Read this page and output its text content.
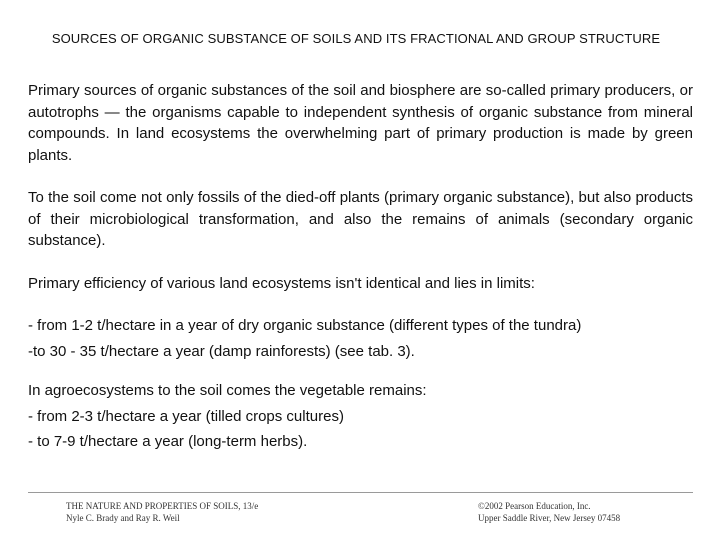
SOURCES OF ORGANIC SUBSTANCE OF SOILS AND ITS FRACTIONAL AND GROUP STRUCTURE

Primary sources of organic substances of the soil and biosphere are so-called primary producers, or autotrophs — the organisms capable to independent synthesis of organic substance from mineral compounds. In land ecosystems the overwhelming part of primary production is made by green plants.

To the soil come not only fossils of the died-off plants (primary organic substance), but also products of their microbiological transformation, and also the remains of animals (secondary organic substance).

Primary efficiency of various land ecosystems isn't identical and lies in limits:

- from 1-2 t/hectare in a year of dry organic substance (different types of the tundra)

-to 30 - 35 t/hectare a year (damp rainforests) (see tab. 3).

In agroecosystems to the soil comes the vegetable remains:

- from 2-3 t/hectare a year (tilled crops cultures)

- to 7-9 t/hectare a year (long-term herbs).

THE NATURE AND PROPERTIES OF SOILS, 13/e
Nyle C. Brady and Ray R. Weil
©2002 Pearson Education, Inc.
Upper Saddle River, New Jersey 07458
